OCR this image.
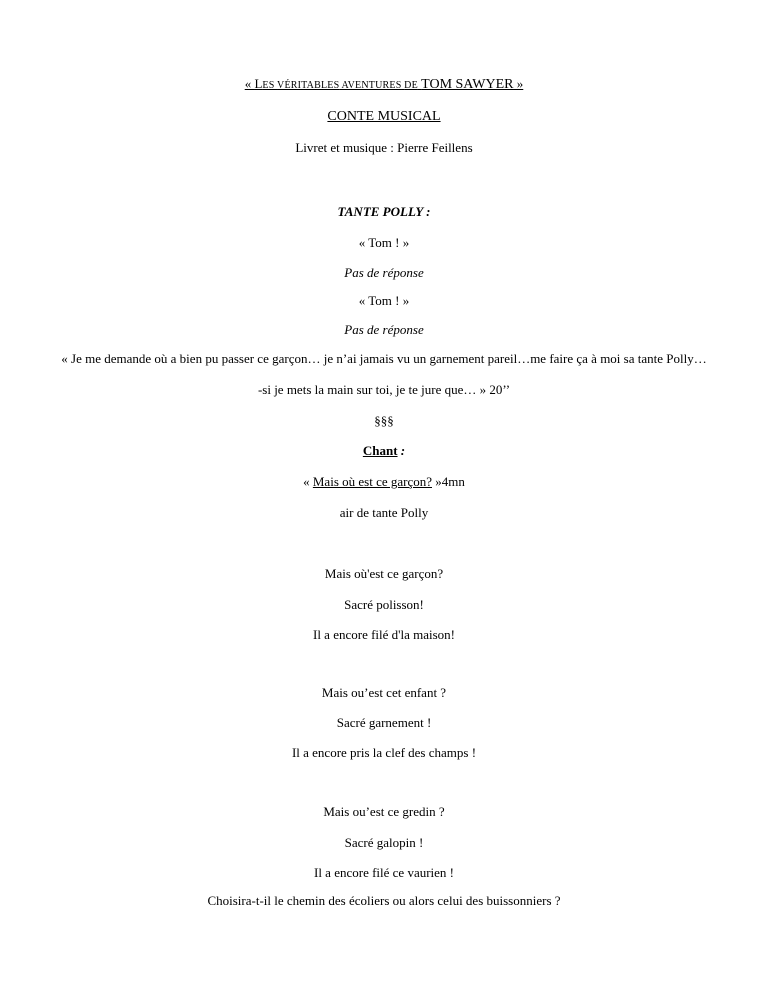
« LES VÉRITABLES AVENTURES DE TOM SAWYER »
CONTE MUSICAL
Livret et musique : Pierre Feillens
TANTE POLLY :
« Tom ! »
Pas de réponse
« Tom ! »
Pas de réponse
« Je me demande où a bien pu passer ce garçon… je n’ai jamais vu un garnement pareil…me faire ça à moi sa tante Polly…
-si je mets la main sur toi, je te jure que… » 20’’
§§§
Chant :
« Mais où est ce garçon? »4mn
air de tante Polly
Mais où'est ce garçon?
Sacré polisson!
Il a encore filé d'la maison!
Mais ou’est cet enfant ?
Sacré garnement !
Il a encore pris la clef des champs !
Mais ou’est ce gredin ?
Sacré galopin !
Il a encore filé ce vaurien !
Choisira-t-il le chemin des écoliers ou alors celui des buissonniers ?
